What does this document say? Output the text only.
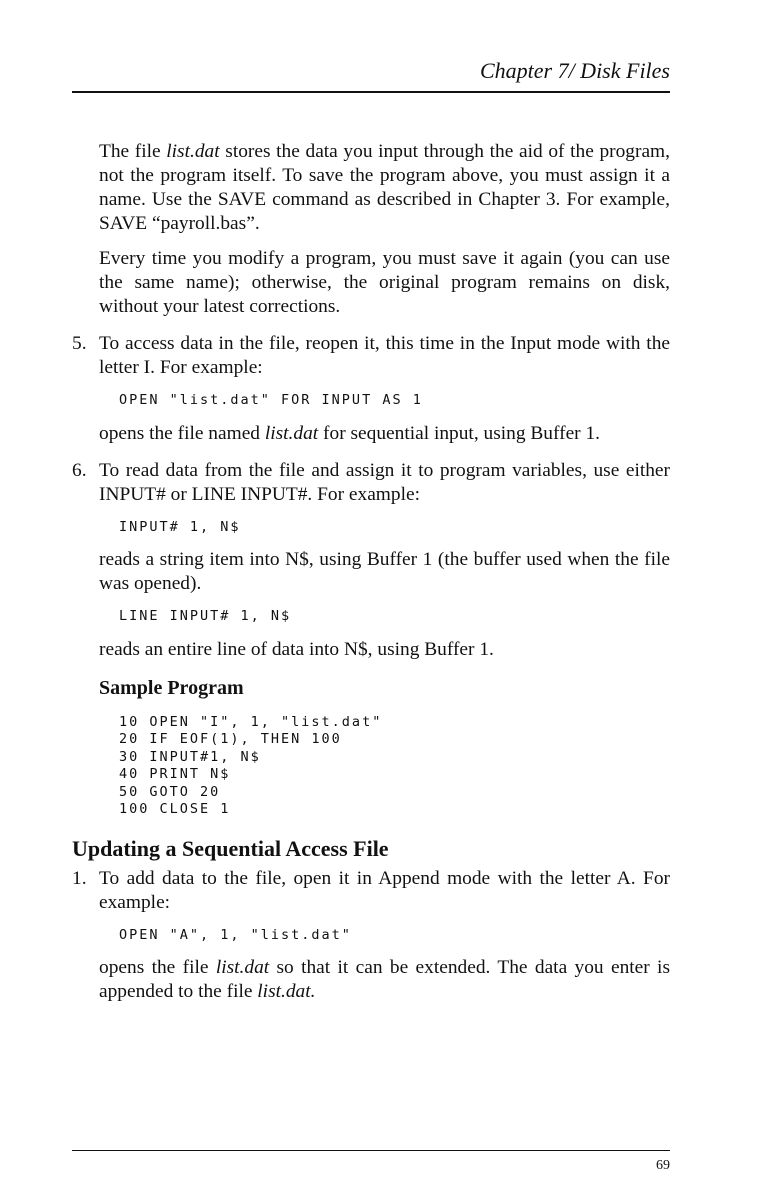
Chapter 7/ Disk Files

The file list.dat stores the data you input through the aid of the program, not the program itself. To save the program above, you must assign it a name. Use the SAVE command as described in Chapter 3. For example, SAVE “payroll.bas”.

Every time you modify a program, you must save it again (you can use the same name); otherwise, the original program remains on disk, without your latest corrections.

5. To access data in the file, reopen it, this time in the Input mode with the letter I. For example:

OPEN "list.dat" FOR INPUT AS 1

opens the file named list.dat for sequential input, using Buffer 1.

6. To read data from the file and assign it to program variables, use either INPUT# or LINE INPUT#. For example:

INPUT# 1, N$

reads a string item into N$, using Buffer 1 (the buffer used when the file was opened).

LINE INPUT# 1, N$

reads an entire line of data into N$, using Buffer 1.

Sample Program
10 OPEN "I", 1, "list.dat"
20 IF EOF(1), THEN 100
30 INPUT#1, N$
40 PRINT N$
50 GOTO 20
100 CLOSE 1
Updating a Sequential Access File
1. To add data to the file, open it in Append mode with the letter A. For example:

OPEN "A", 1, "list.dat"

opens the file list.dat so that it can be extended. The data you enter is appended to the file list.dat.

69
